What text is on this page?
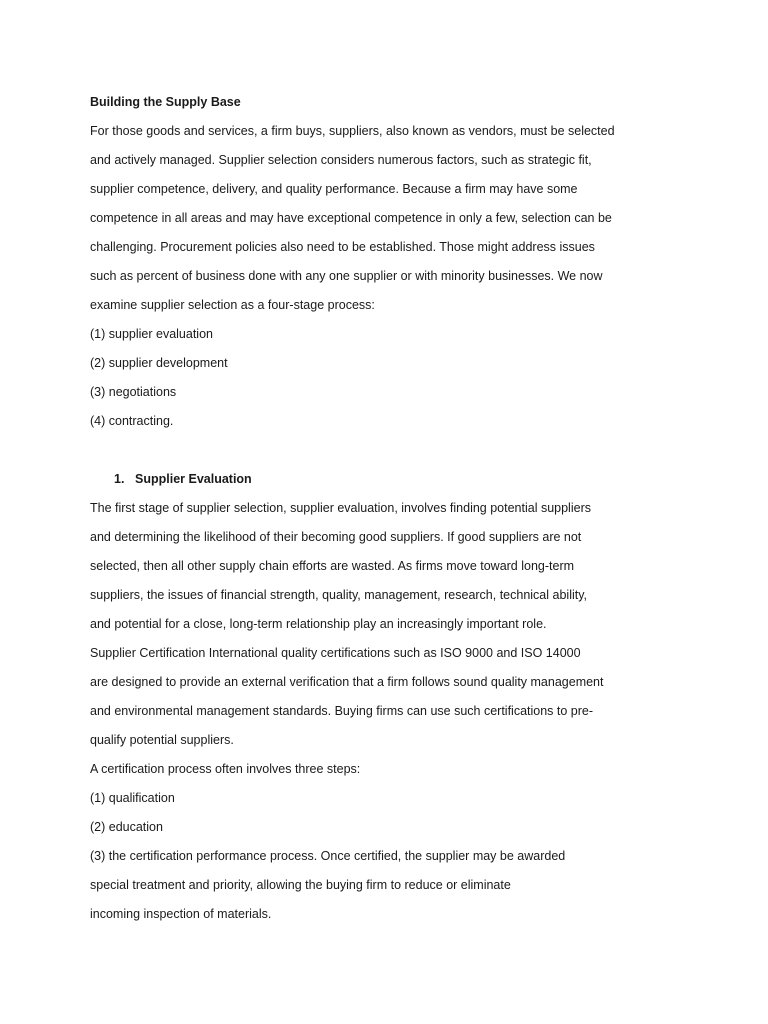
Building the Supply Base
For those goods and services, a firm buys, suppliers, also known as vendors, must be selected
and actively managed. Supplier selection considers numerous factors, such as strategic fit,
supplier competence, delivery, and quality performance. Because a firm may have some
competence in all areas and may have exceptional competence in only a few, selection can be
challenging. Procurement policies also need to be established. Those might address issues
such as percent of business done with any one supplier or with minority businesses. We now
examine supplier selection as a four-stage process:
(1) supplier evaluation
(2) supplier development
(3) negotiations
(4) contracting.
1. Supplier Evaluation
The first stage of supplier selection, supplier evaluation, involves finding potential suppliers
and determining the likelihood of their becoming good suppliers. If good suppliers are not
selected, then all other supply chain efforts are wasted. As firms move toward long-term
suppliers, the issues of financial strength, quality, management, research, technical ability,
and potential for a close, long-term relationship play an increasingly important role.
Supplier Certification International quality certifications such as ISO 9000 and ISO 14000
are designed to provide an external verification that a firm follows sound quality management
and environmental management standards. Buying firms can use such certifications to pre-
qualify potential suppliers.
A certification process often involves three steps:
(1) qualification
(2) education
(3) the certification performance process. Once certified, the supplier may be awarded
special treatment and priority, allowing the buying firm to reduce or eliminate
incoming inspection of materials.
